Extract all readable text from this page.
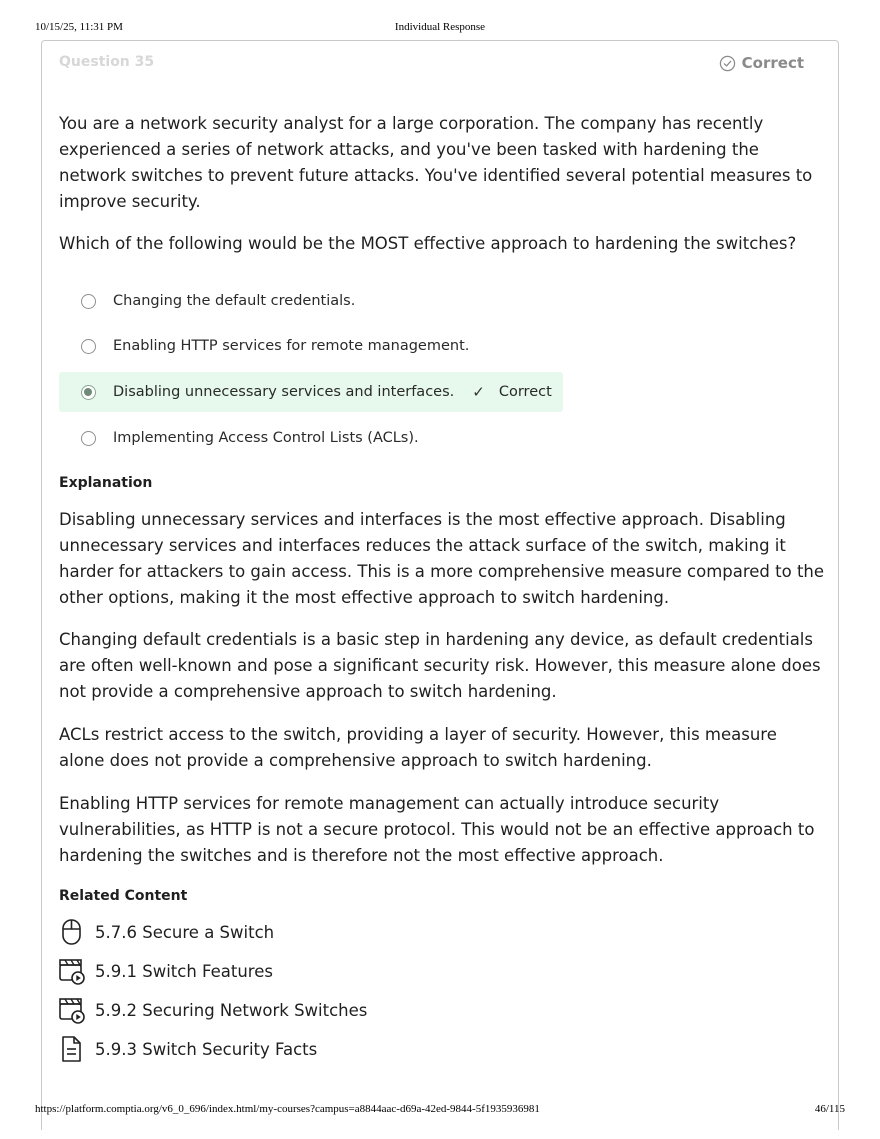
10/15/25, 11:31 PM	Individual Response
Question 35	Correct

You are a network security analyst for a large corporation. The company has recently experienced a series of network attacks, and you've been tasked with hardening the network switches to prevent future attacks. You've identified several potential measures to improve security.

Which of the following would be the MOST effective approach to hardening the switches?

Changing the default credentials.
Enabling HTTP services for remote management.
Disabling unnecessary services and interfaces. ✓ Correct
Implementing Access Control Lists (ACLs).
Explanation

Disabling unnecessary services and interfaces is the most effective approach. Disabling unnecessary services and interfaces reduces the attack surface of the switch, making it harder for attackers to gain access. This is a more comprehensive measure compared to the other options, making it the most effective approach to switch hardening.

Changing default credentials is a basic step in hardening any device, as default credentials are often well-known and pose a significant security risk. However, this measure alone does not provide a comprehensive approach to switch hardening.

ACLs restrict access to the switch, providing a layer of security. However, this measure alone does not provide a comprehensive approach to switch hardening.

Enabling HTTP services for remote management can actually introduce security vulnerabilities, as HTTP is not a secure protocol. This would not be an effective approach to hardening the switches and is therefore not the most effective approach.

Related Content
5.7.6 Secure a Switch
5.9.1 Switch Features
5.9.2 Securing Network Switches
5.9.3 Switch Security Facts
https://platform.comptia.org/v6_0_696/index.html/my-courses?campus=a8844aac-d69a-42ed-9844-5f1935936981	46/115
